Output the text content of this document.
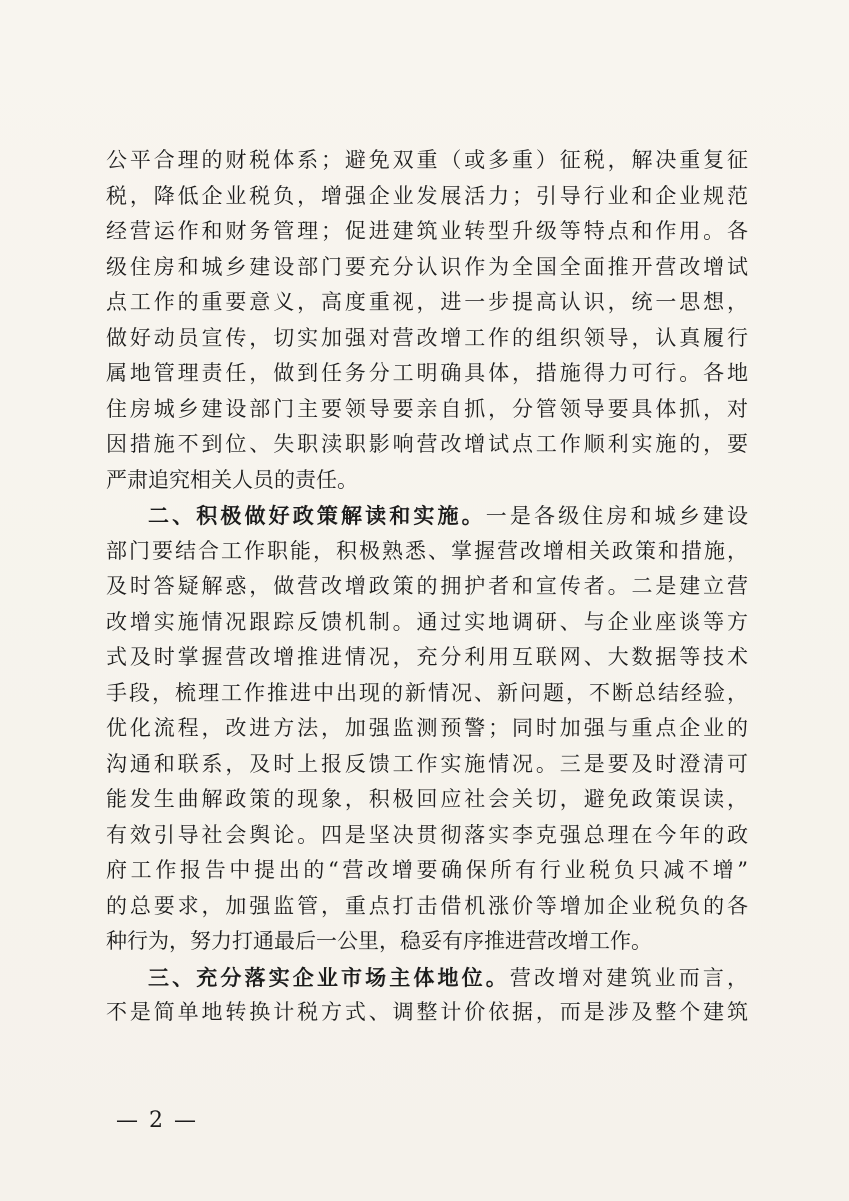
公平合理的财税体系；避免双重（或多重）征税，解决重复征
税，降低企业税负，增强企业发展活力；引导行业和企业规范
经营运作和财务管理；促进建筑业转型升级等特点和作用。各
级住房和城乡建设部门要充分认识作为全国全面推开营改增试
点工作的重要意义，高度重视，进一步提高认识，统一思想，
做好动员宣传，切实加强对营改增工作的组织领导，认真履行
属地管理责任，做到任务分工明确具体，措施得力可行。各地
住房城乡建设部门主要领导要亲自抓，分管领导要具体抓，对
因措施不到位、失职渎职影响营改增试点工作顺利实施的，要
严肃追究相关人员的责任。
二、积极做好政策解读和实施。一是各级住房和城乡建设
部门要结合工作职能，积极熟悉、掌握营改增相关政策和措施，
及时答疑解惑，做营改增政策的拥护者和宣传者。二是建立营
改增实施情况跟踪反馈机制。通过实地调研、与企业座谈等方
式及时掌握营改增推进情况，充分利用互联网、大数据等技术
手段，梳理工作推进中出现的新情况、新问题，不断总结经验，
优化流程，改进方法，加强监测预警；同时加强与重点企业的
沟通和联系，及时上报反馈工作实施情况。三是要及时澄清可
能发生曲解政策的现象，积极回应社会关切，避免政策误读，
有效引导社会舆论。四是坚决贯彻落实李克强总理在今年的政
府工作报告中提出的“营改增要确保所有行业税负只减不增”
的总要求，加强监管，重点打击借机涨价等增加企业税负的各
种行为，努力打通最后一公里，稳妥有序推进营改增工作。
三、充分落实企业市场主体地位。营改增对建筑业而言，
不是简单地转换计税方式、调整计价依据，而是涉及整个建筑
— 2 —
